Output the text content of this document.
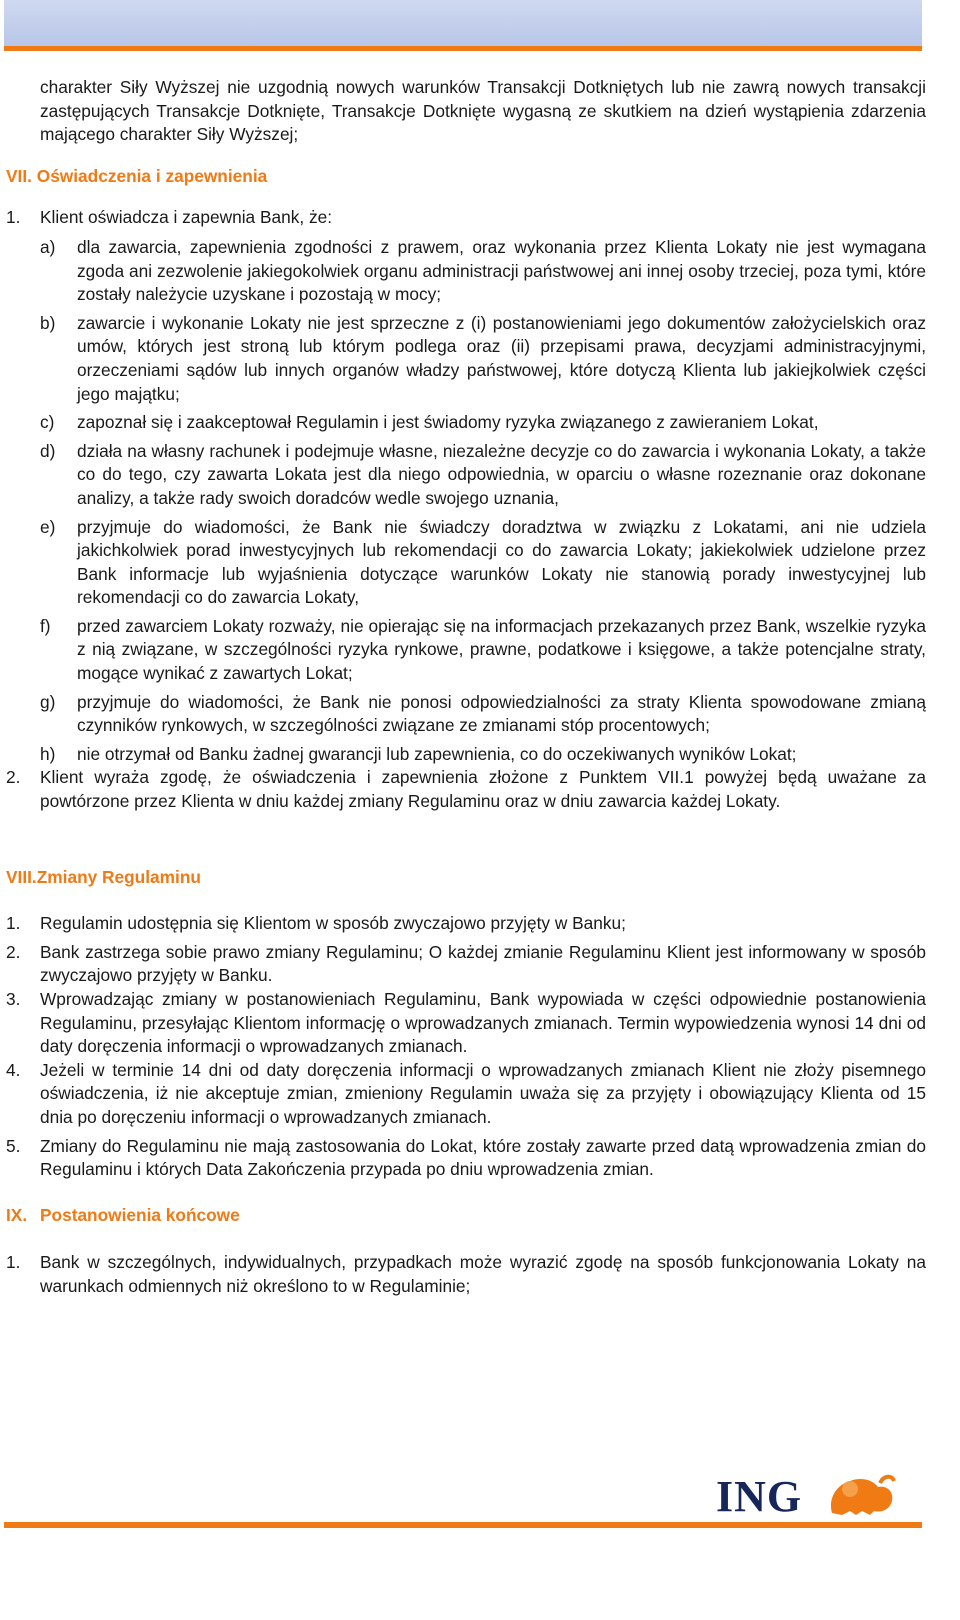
charakter Siły Wyższej nie uzgodnią nowych warunków Transakcji Dotkniętych lub nie zawrą nowych transakcji zastępujących Transakcje Dotknięte, Transakcje Dotknięte wygasną ze skutkiem na dzień wystąpienia zdarzenia mającego charakter Siły Wyższej;

VII. Oświadczenia i zapewnienia

1. Klient oświadcza i zapewnia Bank, że:
a) dla zawarcia, zapewnienia zgodności z prawem, oraz wykonania przez Klienta Lokaty nie jest wymagana zgoda ani zezwolenie jakiegokolwiek organu administracji państwowej ani innej osoby trzeciej, poza tymi, które zostały należycie uzyskane i pozostają w mocy;
b) zawarcie i wykonanie Lokaty nie jest sprzeczne z (i) postanowieniami jego dokumentów założycielskich oraz umów, których jest stroną lub którym podlega oraz (ii) przepisami prawa, decyzjami administracyjnymi, orzeczeniami sądów lub innych organów władzy państwowej, które dotyczą Klienta lub jakiejkolwiek części jego majątku;
c) zapoznał się i zaakceptował Regulamin i jest świadomy ryzyka związanego z zawieraniem Lokat,
d) działa na własny rachunek i podejmuje własne, niezależne decyzje co do zawarcia i wykonania Lokaty, a także co do tego, czy zawarta Lokata jest dla niego odpowiednia, w oparciu o własne rozeznanie oraz dokonane analizy, a także rady swoich doradców wedle swojego uznania,
e) przyjmuje do wiadomości, że Bank nie świadczy doradztwa w związku z Lokatami, ani nie udziela jakichkolwiek porad inwestycyjnych lub rekomendacji co do zawarcia Lokaty; jakiekolwiek udzielone przez Bank informacje lub wyjaśnienia dotyczące warunków Lokaty nie stanowią porady inwestycyjnej lub rekomendacji co do zawarcia Lokaty,
f) przed zawarciem Lokaty rozważy, nie opierając się na informacjach przekazanych przez Bank, wszelkie ryzyka z nią związane, w szczególności ryzyka rynkowe, prawne, podatkowe i księgowe, a także potencjalne straty, mogące wynikać z zawartych Lokat;
g) przyjmuje do wiadomości, że Bank nie ponosi odpowiedzialności za straty Klienta spowodowane zmianą czynników rynkowych, w szczególności związane ze zmianami stóp procentowych;
h) nie otrzymał od Banku żadnej gwarancji lub zapewnienia, co do oczekiwanych wyników Lokat;
2. Klient wyraża zgodę, że oświadczenia i zapewnienia złożone z Punktem VII.1 powyżej będą uważane za powtórzone przez Klienta w dniu każdej zmiany Regulaminu oraz w dniu zawarcia każdej Lokaty.

VIII.Zmiany Regulaminu

1. Regulamin udostępnia się Klientom w sposób zwyczajowo przyjęty w Banku;
2. Bank zastrzega sobie prawo zmiany Regulaminu; O każdej zmianie Regulaminu Klient jest informowany w sposób zwyczajowo przyjęty w Banku.
3. Wprowadzając zmiany w postanowieniach Regulaminu, Bank wypowiada w części odpowiednie postanowienia Regulaminu, przesyłając Klientom informację o wprowadzanych zmianach. Termin wypowiedzenia wynosi 14 dni od daty doręczenia informacji o wprowadzanych zmianach.
4. Jeżeli w terminie 14 dni od daty doręczenia informacji o wprowadzanych zmianach Klient nie złoży pisemnego oświadczenia, iż nie akceptuje zmian, zmieniony Regulamin uważa się za przyjęty i obowiązujący Klienta od 15 dnia po doręczeniu informacji o wprowadzanych zmianach.
5. Zmiany do Regulaminu nie mają zastosowania do Lokat, które zostały zawarte przed datą wprowadzenia zmian do Regulaminu i których Data Zakończenia przypada po dniu wprowadzenia zmian.

IX. Postanowienia końcowe

1. Bank w szczególnych, indywidualnych, przypadkach może wyrazić zgodę na sposób funkcjonowania Lokaty na warunkach odmiennych niż określono to w Regulaminie;
ING
